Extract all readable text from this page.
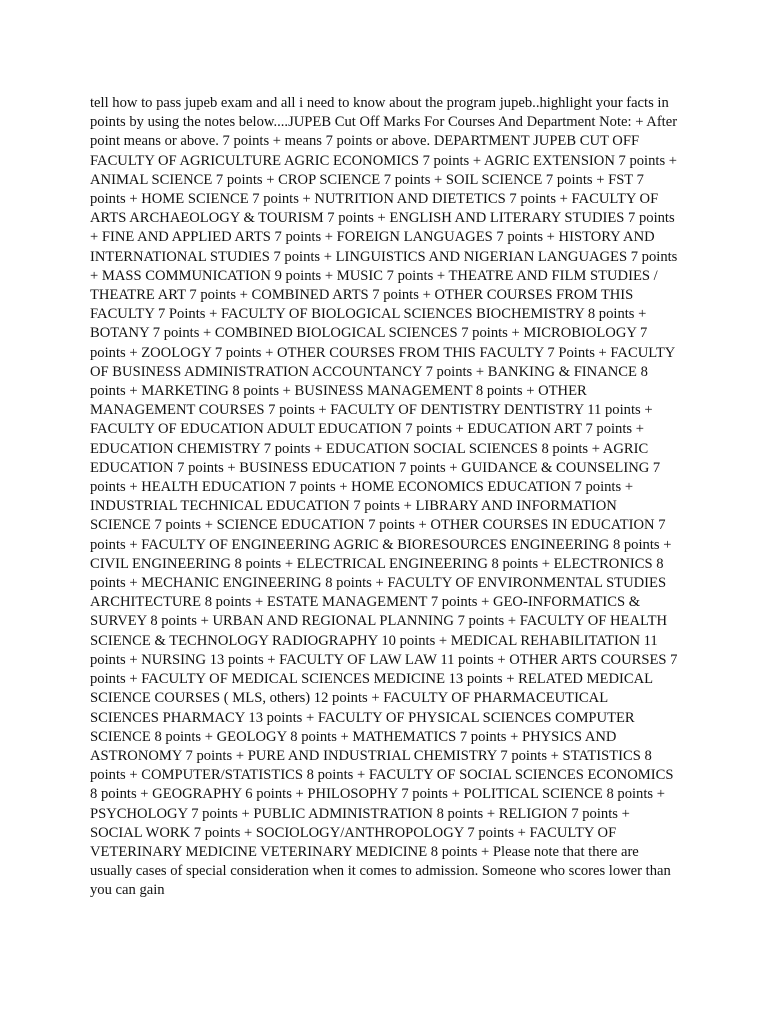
tell how to pass jupeb exam and all i need to know about the program jupeb..highlight your facts in points by using the notes below....JUPEB Cut Off Marks For Courses And Department Note: + After point means or above. 7 points + means 7 points or above. DEPARTMENT JUPEB CUT OFF FACULTY OF AGRICULTURE AGRIC ECONOMICS 7 points + AGRIC EXTENSION 7 points + ANIMAL SCIENCE 7 points + CROP SCIENCE 7 points + SOIL SCIENCE 7 points + FST 7 points + HOME SCIENCE 7 points + NUTRITION AND DIETETICS 7 points + FACULTY OF ARTS ARCHAEOLOGY & TOURISM 7 points + ENGLISH AND LITERARY STUDIES 7 points + FINE AND APPLIED ARTS 7 points + FOREIGN LANGUAGES 7 points + HISTORY AND INTERNATIONAL STUDIES 7 points + LINGUISTICS AND NIGERIAN LANGUAGES 7 points + MASS COMMUNICATION 9 points + MUSIC 7 points + THEATRE AND FILM STUDIES / THEATRE ART 7 points + COMBINED ARTS 7 points + OTHER COURSES FROM THIS FACULTY 7 Points + FACULTY OF BIOLOGICAL SCIENCES BIOCHEMISTRY 8 points + BOTANY 7 points + COMBINED BIOLOGICAL SCIENCES 7 points + MICROBIOLOGY 7 points + ZOOLOGY 7 points + OTHER COURSES FROM THIS FACULTY 7 Points + FACULTY OF BUSINESS ADMINISTRATION ACCOUNTANCY 7 points + BANKING & FINANCE 8 points + MARKETING 8 points + BUSINESS MANAGEMENT 8 points + OTHER MANAGEMENT COURSES 7 points + FACULTY OF DENTISTRY DENTISTRY 11 points + FACULTY OF EDUCATION ADULT EDUCATION 7 points + EDUCATION ART 7 points + EDUCATION CHEMISTRY 7 points + EDUCATION SOCIAL SCIENCES 8 points + AGRIC EDUCATION 7 points + BUSINESS EDUCATION 7 points + GUIDANCE & COUNSELING 7 points + HEALTH EDUCATION 7 points + HOME ECONOMICS EDUCATION 7 points + INDUSTRIAL TECHNICAL EDUCATION 7 points + LIBRARY AND INFORMATION SCIENCE 7 points + SCIENCE EDUCATION 7 points + OTHER COURSES IN EDUCATION 7 points + FACULTY OF ENGINEERING AGRIC & BIORESOURCES ENGINEERING 8 points + CIVIL ENGINEERING 8 points + ELECTRICAL ENGINEERING 8 points + ELECTRONICS 8 points + MECHANIC ENGINEERING 8 points + FACULTY OF ENVIRONMENTAL STUDIES ARCHITECTURE 8 points + ESTATE MANAGEMENT 7 points + GEO-INFORMATICS & SURVEY 8 points + URBAN AND REGIONAL PLANNING 7 points + FACULTY OF HEALTH SCIENCE & TECHNOLOGY RADIOGRAPHY 10 points + MEDICAL REHABILITATION 11 points + NURSING 13 points + FACULTY OF LAW LAW 11 points + OTHER ARTS COURSES 7 points + FACULTY OF MEDICAL SCIENCES MEDICINE 13 points + RELATED MEDICAL SCIENCE COURSES ( MLS, others) 12 points + FACULTY OF PHARMACEUTICAL SCIENCES PHARMACY 13 points + FACULTY OF PHYSICAL SCIENCES COMPUTER SCIENCE 8 points + GEOLOGY 8 points + MATHEMATICS 7 points + PHYSICS AND ASTRONOMY 7 points + PURE AND INDUSTRIAL CHEMISTRY 7 points + STATISTICS 8 points + COMPUTER/STATISTICS 8 points + FACULTY OF SOCIAL SCIENCES ECONOMICS 8 points + GEOGRAPHY 6 points + PHILOSOPHY 7 points + POLITICAL SCIENCE 8 points + PSYCHOLOGY 7 points + PUBLIC ADMINISTRATION 8 points + RELIGION 7 points + SOCIAL WORK 7 points + SOCIOLOGY/ANTHROPOLOGY 7 points + FACULTY OF VETERINARY MEDICINE VETERINARY MEDICINE 8 points + Please note that there are usually cases of special consideration when it comes to admission. Someone who scores lower than you can gain
